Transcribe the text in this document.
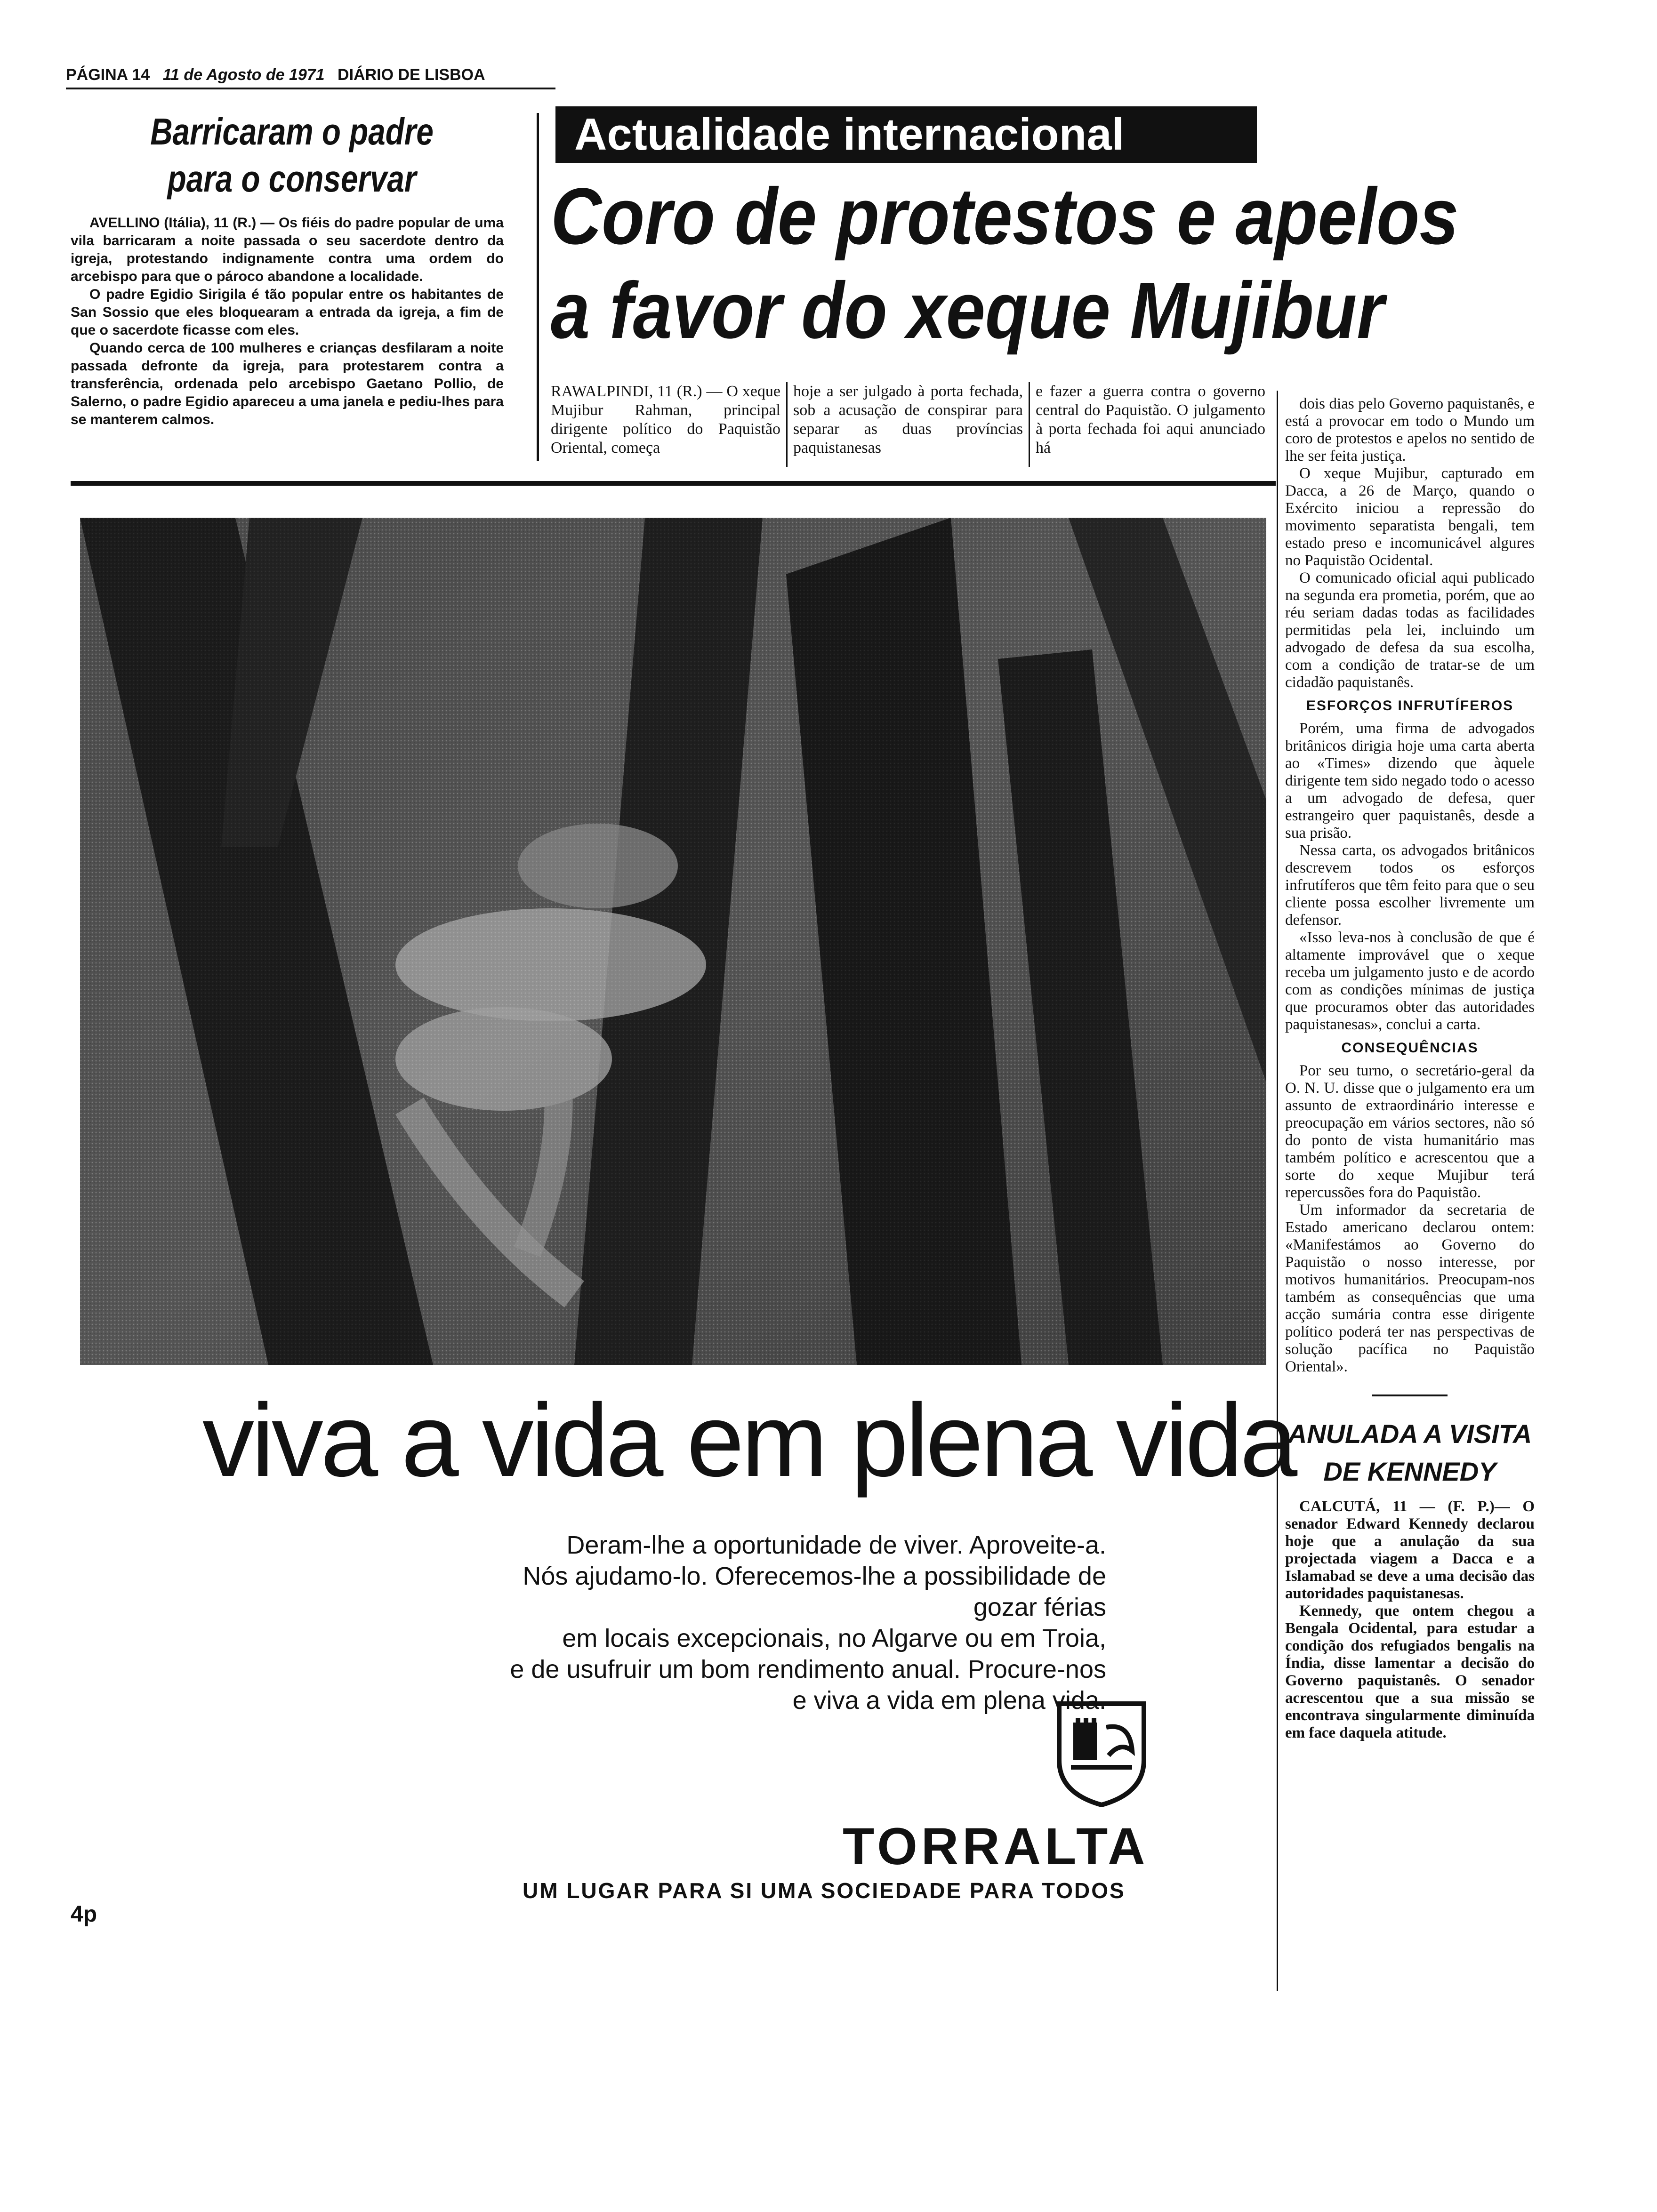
PÁGINA 14 11 de Agosto de 1971 DIÁRIO DE LISBOA
Barricaram o padre
para o conservar

AVELLINO (Itália), 11 (R.) — Os fiéis do padre popular de uma vila barricaram a noite passada o seu sacerdote dentro da igreja, protestando indignamente contra uma ordem do arcebispo para que o pároco abandone a localidade.

O padre Egidio Sirigila é tão popular entre os habitantes de San Sossio que eles bloquearam a entrada da igreja, a fim de que o sacerdote ficasse com eles.

Quando cerca de 100 mulheres e crianças desfilaram a noite passada defronte da igreja, para protestarem contra a transferência, ordenada pelo arcebispo Gaetano Pollio, de Salerno, o padre Egidio apareceu a uma janela e pediu-lhes para se manterem calmos.

Actualidade internacional
Coro de protestos e apelos
a favor do xeque Mujibur
RAWALPINDI, 11 (R.) — O xeque Mujibur Rahman, principal dirigente político do Paquistão Oriental, começa
hoje a ser julgado à porta fechada, sob a acusação de conspirar para separar as duas províncias paquistanesas
e fazer a guerra contra o governo central do Paquistão. O julgamento à porta fechada foi aqui anunciado há

dois dias pelo Governo paquistanês, e está a provocar em todo o Mundo um coro de protestos e apelos no sentido de lhe ser feita justiça.

O xeque Mujibur, capturado em Dacca, a 26 de Março, quando o Exército iniciou a repressão do movimento separatista bengali, tem estado preso e incomunicável algures no Paquistão Ocidental.

O comunicado oficial aqui publicado na segunda era prometia, porém, que ao réu seriam dadas todas as facilidades permitidas pela lei, incluindo um advogado de defesa da sua escolha, com a condição de tratar-se de um cidadão paquistanês.

ESFORÇOS INFRUTÍFEROS

Porém, uma firma de advogados britânicos dirigia hoje uma carta aberta ao «Times» dizendo que àquele dirigente tem sido negado todo o acesso a um advogado de defesa, quer estrangeiro quer paquistanês, desde a sua prisão.

Nessa carta, os advogados britânicos descrevem todos os esforços infrutíferos que têm feito para que o seu cliente possa escolher livremente um defensor.

«Isso leva-nos à conclusão de que é altamente improvável que o xeque receba um julgamento justo e de acordo com as condições mínimas de justiça que procuramos obter das autoridades paquistanesas», conclui a carta.

CONSEQUÊNCIAS

Por seu turno, o secretário-geral da O. N. U. disse que o julgamento era um assunto de extraordinário interesse e preocupação em vários sectores, não só do ponto de vista humanitário mas também político e acrescentou que a sorte do xeque Mujibur terá repercussões fora do Paquistão.

Um informador da secretaria de Estado americano declarou ontem: «Manifestámos ao Governo do Paquistão o nosso interesse, por motivos humanitários. Preocupam-nos também as consequências que uma acção sumária contra esse dirigente político poderá ter nas perspectivas de solução pacífica no Paquistão Oriental».

ANULADA A VISITA
DE KENNEDY

CALCUTÁ, 11 — (F. P.)— O senador Edward Kennedy declarou hoje que a anulação da sua projectada viagem a Dacca e a Islamabad se deve a uma decisão das autoridades paquistanesas.

Kennedy, que ontem chegou a Bengala Ocidental, para estudar a condição dos refugiados bengalis na Índia, disse lamentar a decisão do Governo paquistanês. O senador acrescentou que a sua missão se encontrava singularmente diminuída em face daquela atitude.

viva a vida em plena vida
Deram-lhe a oportunidade de viver. Aproveite-a.
Nós ajudamo-lo. Oferecemos-lhe a possibilidade de gozar férias
em locais excepcionais, no Algarve ou em Troia,
e de usufruir um bom rendimento anual. Procure-nos
e viva a vida em plena vida.
TORRALTA
UM LUGAR PARA SI UMA SOCIEDADE PARA TODOS
4p
